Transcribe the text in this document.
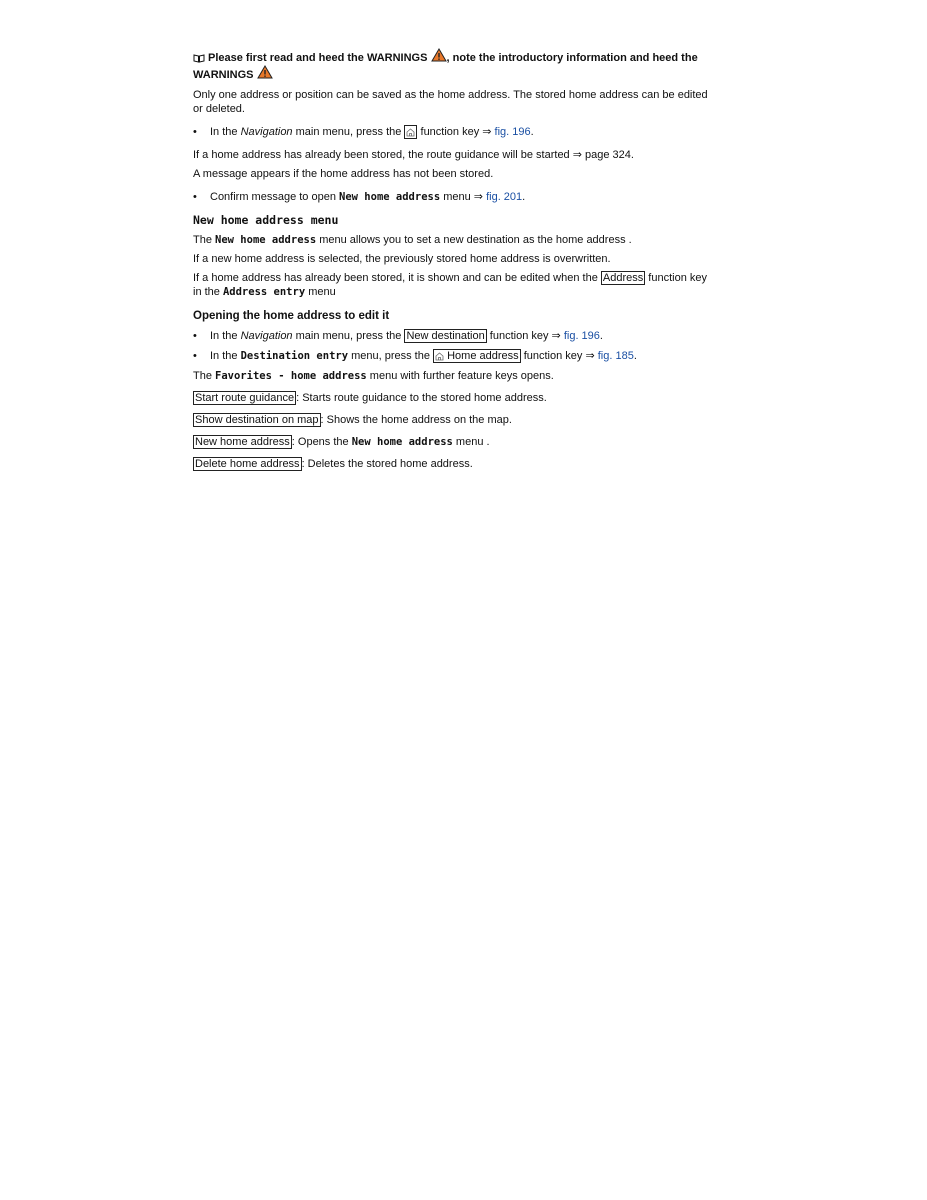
Please first read and heed the WARNINGS , note the introductory information and heed the WARNINGS

Only one address or position can be saved as the home address. The stored home address can be edited or deleted.

• In the Navigation main menu, press the  function key ⇒ fig. 196.

If a home address has already been stored, the route guidance will be started ⇒ page 324.

A message appears if the home address has not been stored.

• Confirm message to open New home address menu ⇒ fig. 201.

New home address menu

The New home address menu allows you to set a new destination as the home address .

If a new home address is selected, the previously stored home address is overwritten.

If a home address has already been stored, it is shown and can be edited when the Address function key in the Address entry menu

Opening the home address to edit it

• In the Navigation main menu, press the New destination function key ⇒ fig. 196.

• In the Destination entry menu, press the  Home address function key ⇒ fig. 185.

The Favorites - home address menu with further feature keys opens.

Start route guidance : Starts route guidance to the stored home address.

Show destination on map : Shows the home address on the map.

New home address : Opens the New home address menu .

Delete home address : Deletes the stored home address.
